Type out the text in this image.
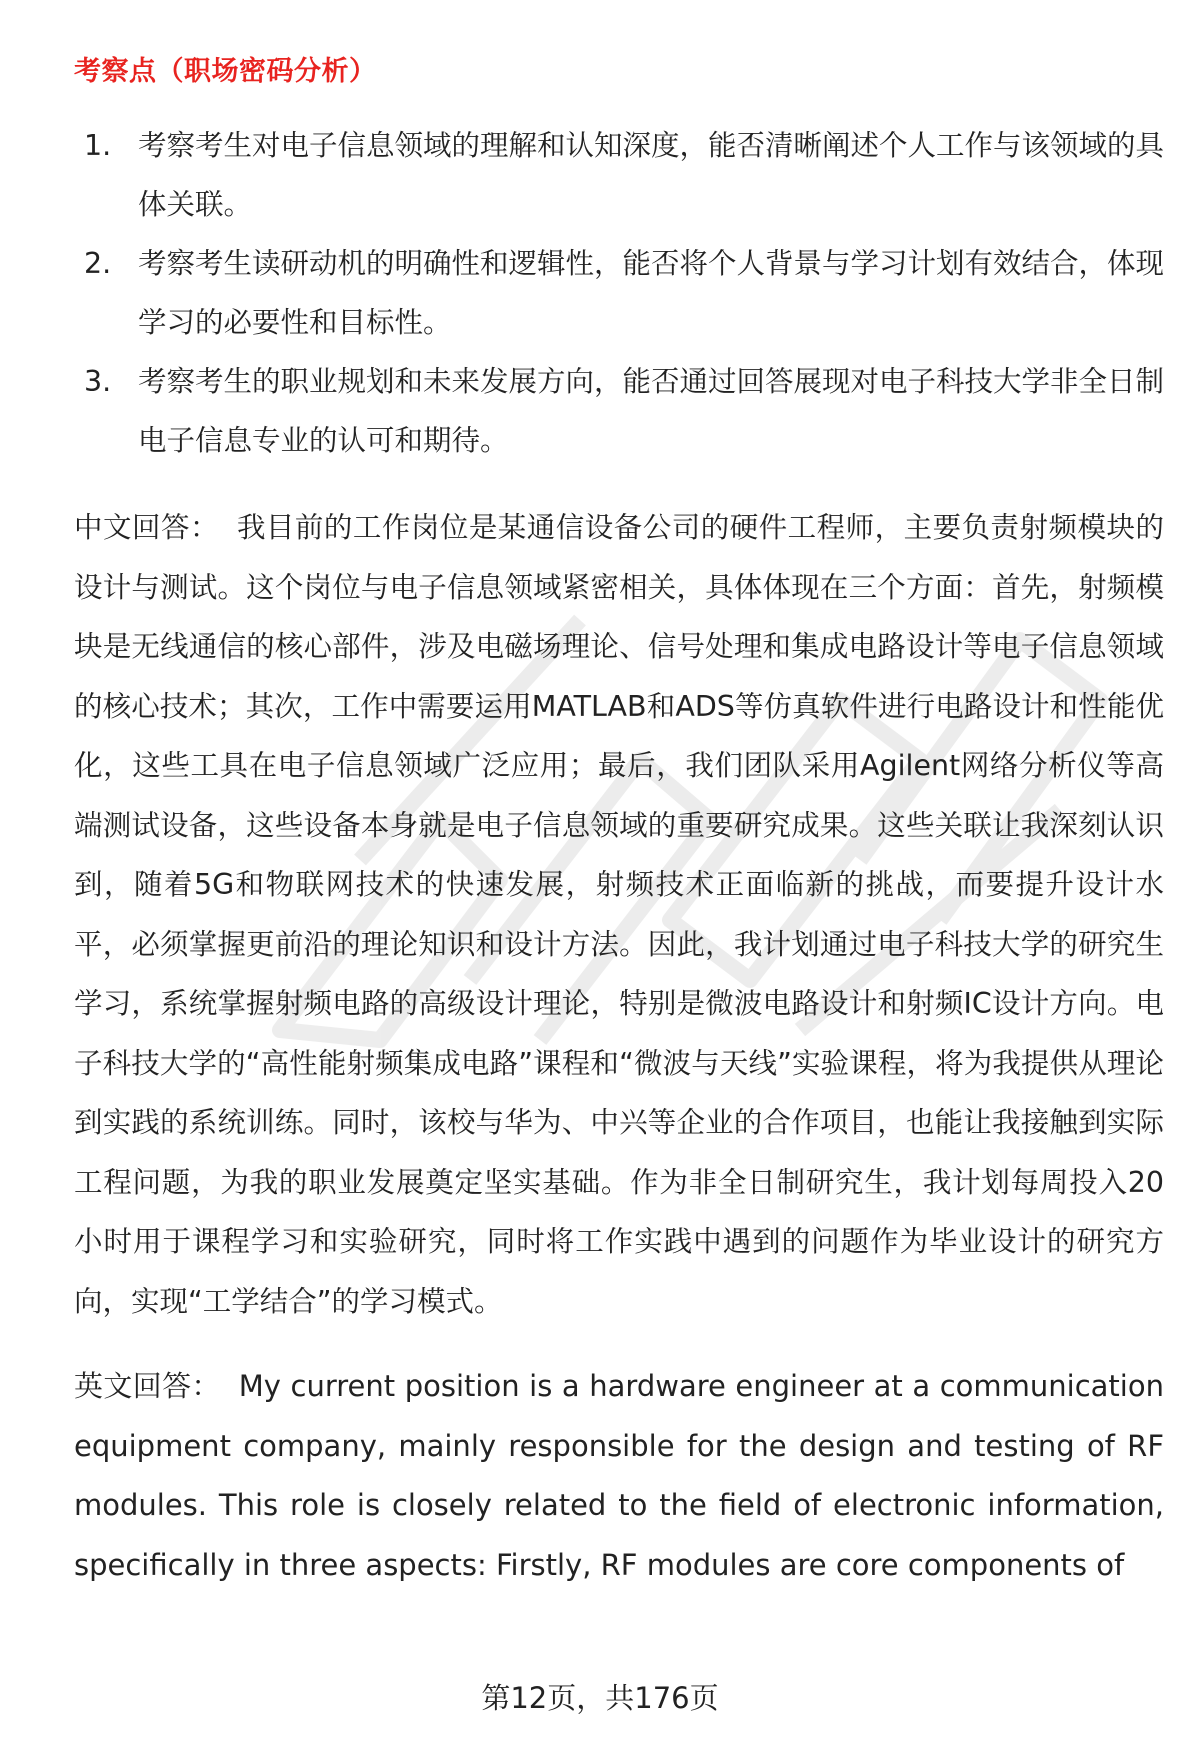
考察点（职场密码分析）
1. 考察考生对电子信息领域的理解和认知深度，能否清晰阐述个人工作与该领域的具体关联。
2. 考察考生读研动机的明确性和逻辑性，能否将个人背景与学习计划有效结合，体现学习的必要性和目标性。
3. 考察考生的职业规划和未来发展方向，能否通过回答展现对电子科技大学非全日制电子信息专业的认可和期待。

中文回答： 我目前的工作岗位是某通信设备公司的硬件工程师，主要负责射频模块的设计与测试。这个岗位与电子信息领域紧密相关，具体体现在三个方面：首先，射频模块是无线通信的核心部件，涉及电磁场理论、信号处理和集成电路设计等电子信息领域的核心技术；其次，工作中需要运用MATLAB和ADS等仿真软件进行电路设计和性能优化，这些工具在电子信息领域广泛应用；最后，我们团队采用Agilent网络分析仪等高端测试设备，这些设备本身就是电子信息领域的重要研究成果。这些关联让我深刻认识到，随着5G和物联网技术的快速发展，射频技术正面临新的挑战，而要提升设计水平，必须掌握更前沿的理论知识和设计方法。因此，我计划通过电子科技大学的研究生学习，系统掌握射频电路的高级设计理论，特别是微波电路设计和射频IC设计方向。电子科技大学的“高性能射频集成电路”课程和“微波与天线”实验课程，将为我提供从理论到实践的系统训练。同时，该校与华为、中兴等企业的合作项目，也能让我接触到实际工程问题，为我的职业发展奠定坚实基础。作为非全日制研究生，我计划每周投入20小时用于课程学习和实验研究，同时将工作实践中遇到的问题作为毕业设计的研究方向，实现“工学结合”的学习模式。

英文回答： My current position is a hardware engineer at a communication equipment company, mainly responsible for the design and testing of RF modules. This role is closely related to the field of electronic information, specifically in three aspects: Firstly, RF modules are core components of

第12页，共176页
